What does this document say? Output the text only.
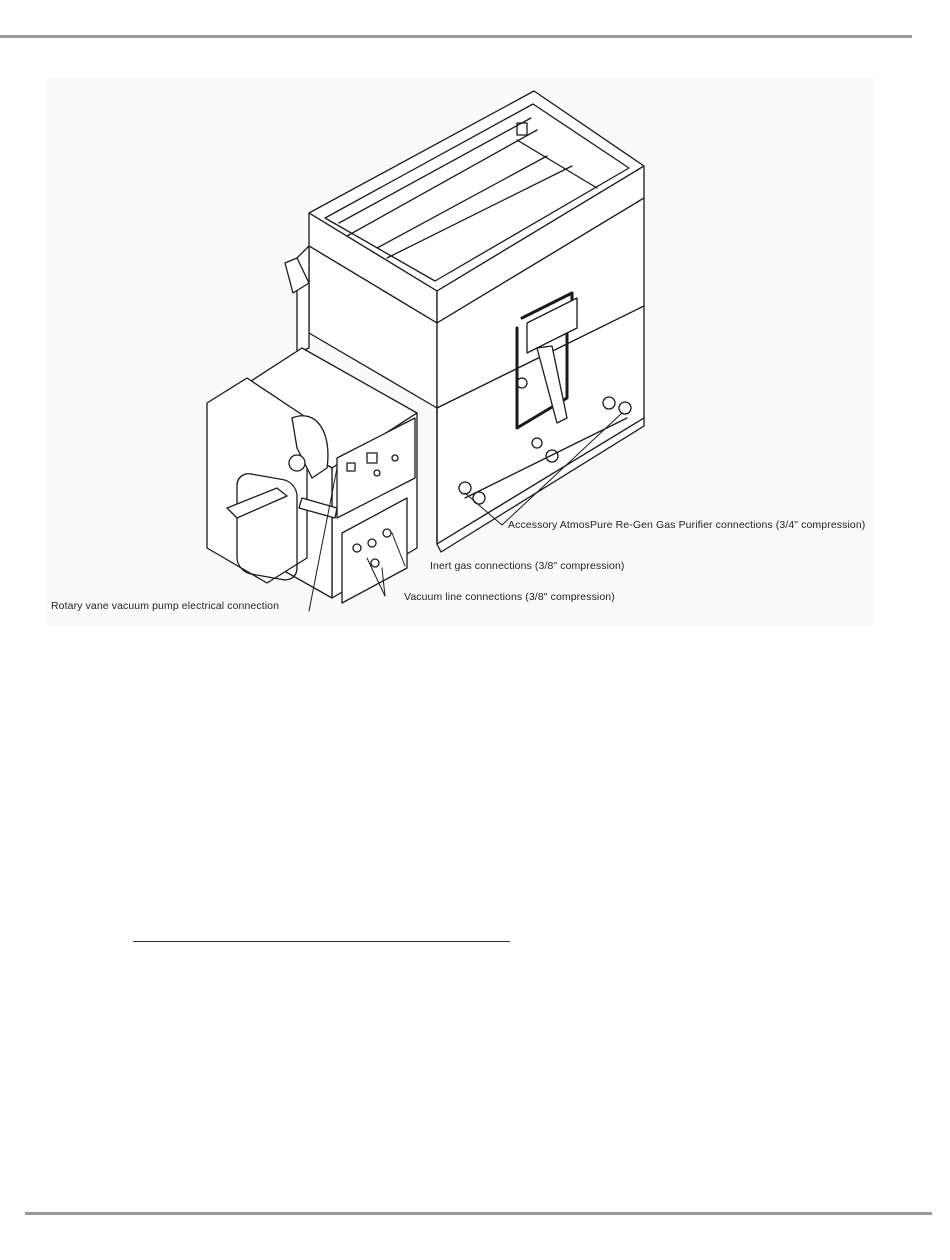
Accessory AtmosPure Re-Gen Gas Purifier connections (3/4" compression)
Inert gas connections (3/8" compression)
Rotary vane vacuum pump electrical connection
Vacuum line connections (3/8" compression)
